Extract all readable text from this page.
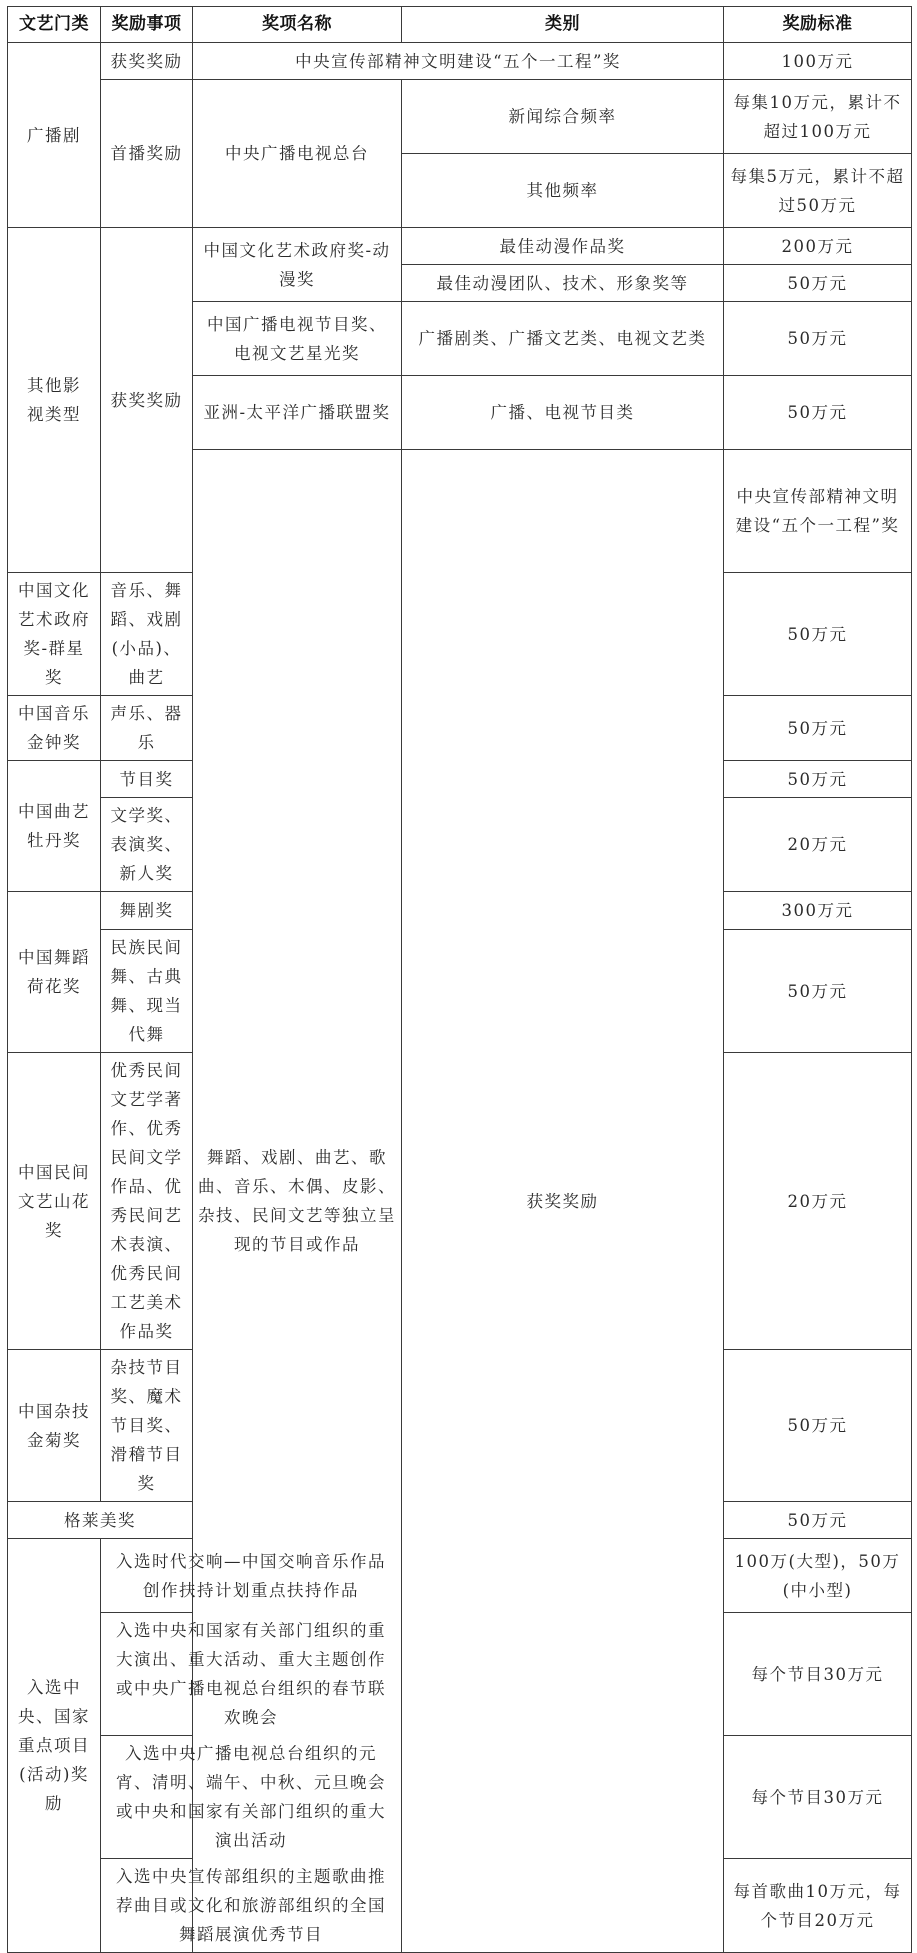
文艺门类	奖励事项	奖项名称	类别	奖励标准	
广播剧	获奖奖励	中央宣传部精神文明建设“五个一工程”奖		100万元	
	首播奖励	中央广播电视总台	新闻综合频率	每集10万元，累计不超过100万元	
			其他频率	每集5万元，累计不超过50万元	
其他影视类型	获奖奖励	中国文化艺术政府奖-动漫奖	最佳动漫作品奖	200万元	
			最佳动漫团队、技术、形象奖等	50万元	
		中国广播电视节目奖、电视文艺星光奖	广播剧类、广播文艺类、电视文艺类	50万元	
		亚洲-太平洋广播联盟奖	广播、电视节目类	50万元	
		舞蹈、戏剧、曲艺、歌曲、音乐、木偶、皮影、杂技、民间文艺等独立呈现的节目或作品	获奖奖励	中央宣传部精神文明建设“五个一工程”奖		
中国文化艺术政府奖-群星奖	音乐、舞蹈、戏剧(小品)、曲艺			50万元	
中国音乐金钟奖	声乐、器乐			50万元	
中国曲艺牡丹奖	节目奖			50万元	
	文学奖、表演奖、新人奖			20万元	
中国舞蹈荷花奖	舞剧奖			300万元	
	民族民间舞、古典舞、现当代舞			50万元	
中国民间文艺山花奖	优秀民间文艺学著作、优秀民间文学作品、优秀民间艺术表演、优秀民间工艺美术作品奖			20万元	
中国杂技金菊奖	杂技节目奖、魔术节目奖、滑稽节目奖			50万元	
格莱美奖				50万元	
入选中央、国家重点项目(活动)奖励	入选时代交响—中国交响音乐作品创作扶持计划重点扶持作品			100万(大型)，50万(中小型)	
	入选中央和国家有关部门组织的重大演出、重大活动、重大主题创作或中央广播电视总台组织的春节联欢晚会			每个节目30万元	
	入选中央广播电视总台组织的元宵、清明、端午、中秋、元旦晚会或中央和国家有关部门组织的重大演出活动			每个节目30万元	
	入选中央宣传部组织的主题歌曲推荐曲目或文化和旅游部组织的全国舞蹈展演优秀节目			每首歌曲10万元，每个节目20万元	
